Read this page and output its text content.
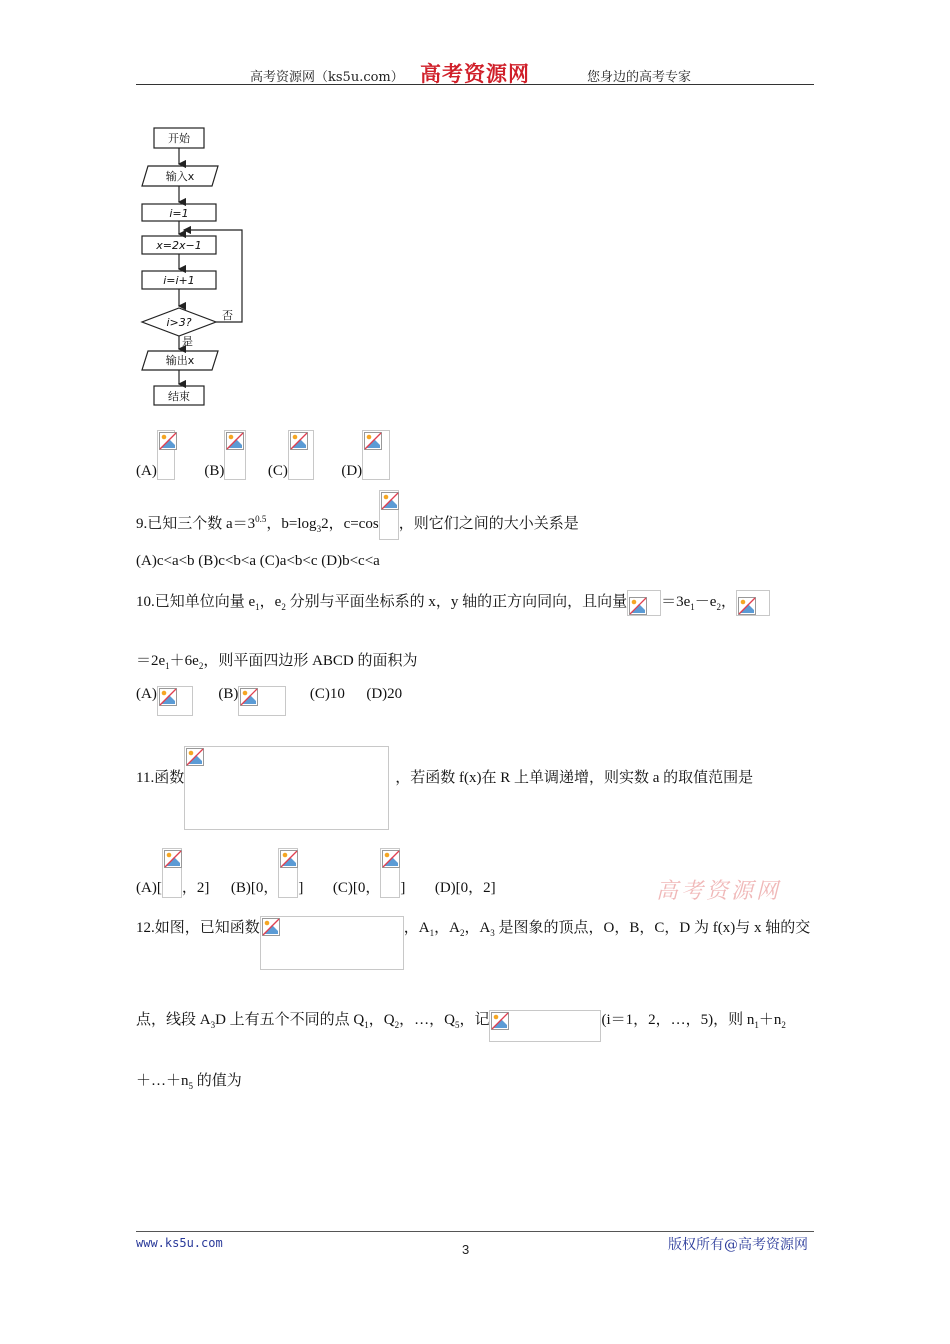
高考资源网（ks5u.com） 高考资源网	您身边的高考专家
开始
输入x
i=1
x=2x−1
i=i+1
i>3?
否
是
输出x
结束
(A)	(B)	(C)	(D)
9.已知三个数 $a=3^{0.5}$，$b=\log_32$，c=cos ，则它们之间的大小关系是
(A)c<a<b (B)c<b<a (C)a<b<c (D)b<c<a
10.已知单位向量 $e_1$，$e_2$ 分别与平面坐标系的 x，y 轴的正方向同向，且向量 $=3e_1-e_2$，
$=2e_1+6e_2$，则平面四边形 ABCD 的面积为
(A)	(B)	(C)10 (D)20
11.函数	，若函数 f(x)在 R 上单调递增，则实数 a 的取值范围是
(A)[ ，2] (B)[0， ] (C)[0， ] (D)[0，2]	高考资源网
12.如图，已知函数	，$A_1$，$A_2$，$A_3$ 是图象的顶点，O，B，C，D 为 f(x)与 x 轴的交
点，线段 $A_3D$ 上有五个不同的点 $Q_1$，$Q_2$，…，$Q_5$，记	(i＝1，2，…，5)，则 $n_1+n_2$
$+\dots+n_5$ 的值为
www.ks5u.com	3	版权所有@高考资源网
